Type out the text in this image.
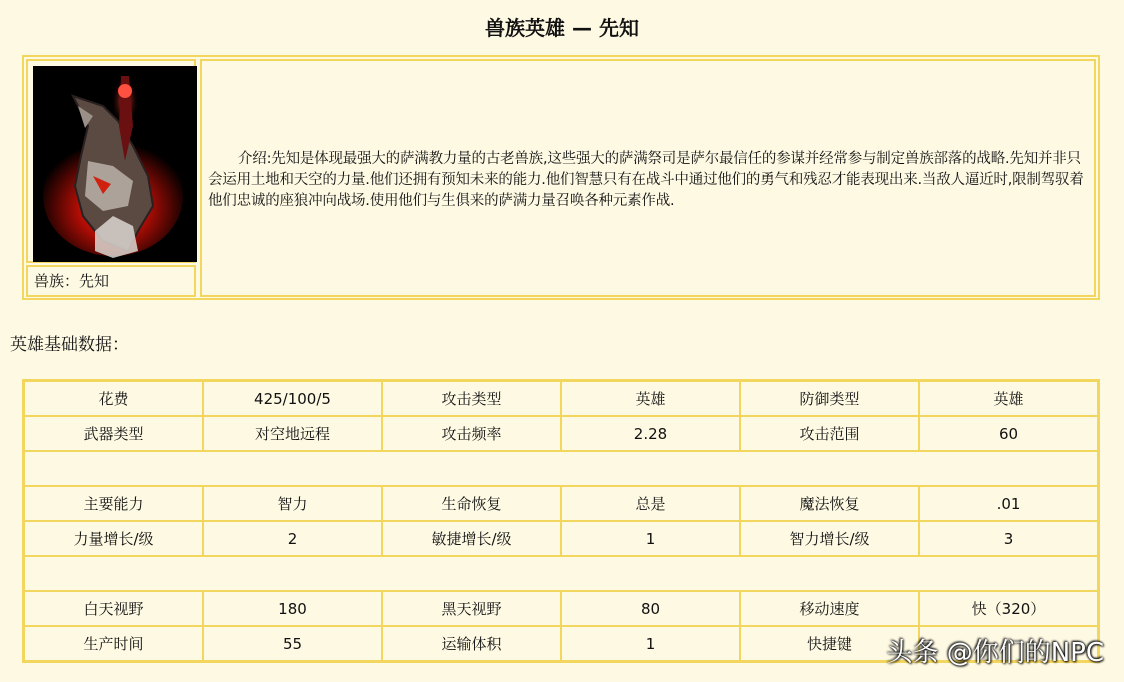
兽族英雄 — 先知
兽族：先知
介绍:先知是体现最强大的萨满教力量的古老兽族,这些强大的萨满祭司是萨尔最信任的参谋并经常参与制定兽族部落的战略.先知并非只会运用土地和天空的力量.他们还拥有预知未来的能力.他们智慧只有在战斗中通过他们的勇气和残忍才能表现出来.当敌人逼近时,限制驾驭着他们忠诚的座狼冲向战场.使用他们与生俱来的萨满力量召唤各种元素作战.
英雄基础数据：
花费	425/100/5	攻击类型	英雄	防御类型	英雄
武器类型	对空地远程	攻击频率	2.28	攻击范围	60
主要能力	智力	生命恢复	总是	魔法恢复	.01
力量增长/级	2	敏捷增长/级	1	智力增长/级	3
白天视野	180	黑天视野	80	移动速度	快（320）
生产时间	55	运输体积	1	快捷键	头条 @你们的NPC
